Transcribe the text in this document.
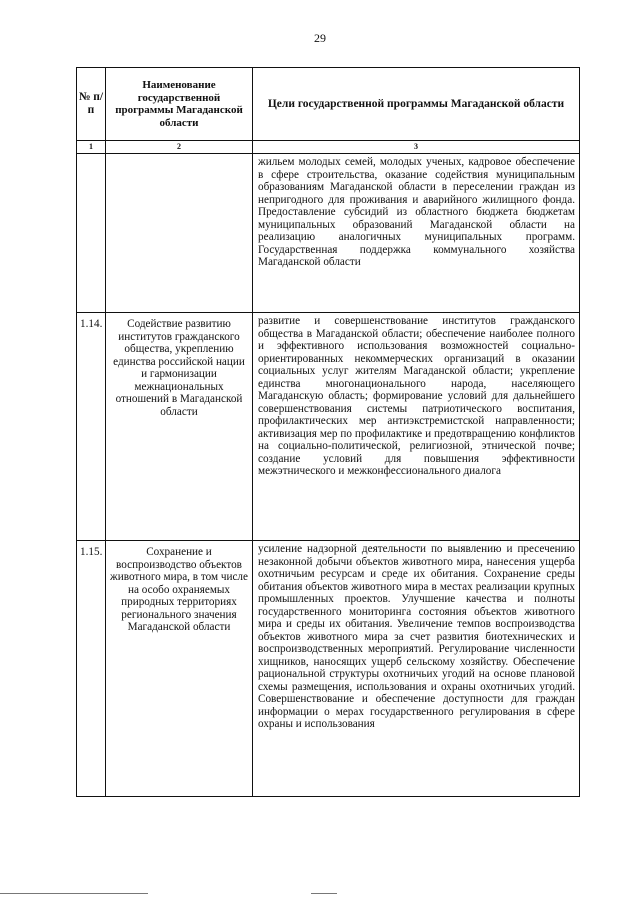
29
№ п/п	Наименование государственной программы Магаданской области	Цели государственной программы Магаданской области
1	2	3
		жильем молодых семей, молодых ученых, кадровое обеспечение в сфере строительства, оказание содействия муниципальным образованиям Магаданской области в переселении граждан из непригодного для проживания и аварийного жилищного фонда. Предоставление субсидий из областного бюджета бюджетам муниципальных образований Магаданской области на реализацию аналогичных муниципальных программ. Государственная поддержка коммунального хозяйства Магаданской области
1.14.	Содействие развитию институтов гражданского общества, укреплению единства российской нации и гармонизации межнациональных отношений в Магаданской области	развитие и совершенствование институтов гражданского общества в Магаданской области; обеспечение наиболее полного и эффективного использования возможностей социально-ориентированных некоммерческих организаций в оказании социальных услуг жителям Магаданской области; укрепление единства многонационального народа, населяющего Магаданскую область; формирование условий для дальнейшего совершенствования системы патриотического воспитания, профилактических мер антиэкстремистской направленности; активизация мер по профилактике и предотвращению конфликтов на социально-политической, религиозной, этнической почве; создание условий для повышения эффективности межэтнического и межконфессионального диалога
1.15.	Сохранение и воспроизводство объектов животного мира, в том числе на особо охраняемых природных территориях регионального значения Магаданской области	усиление надзорной деятельности по выявлению и пресечению незаконной добычи объектов животного мира, нанесения ущерба охотничьим ресурсам и среде их обитания. Сохранение среды обитания объектов животного мира в местах реализации крупных промышленных проектов. Улучшение качества и полноты государственного мониторинга состояния объектов животного мира и среды их обитания. Увеличение темпов воспроизводства объектов животного мира за счет развития биотехнических и воспроизводственных мероприятий. Регулирование численности хищников, наносящих ущерб сельскому хозяйству. Обеспечение рациональной структуры охотничьих угодий на основе плановой схемы размещения, использования и охраны охотничьих угодий. Совершенствование и обеспечение доступности для граждан информации о мерах государственного регулирования в сфере охраны и использования
